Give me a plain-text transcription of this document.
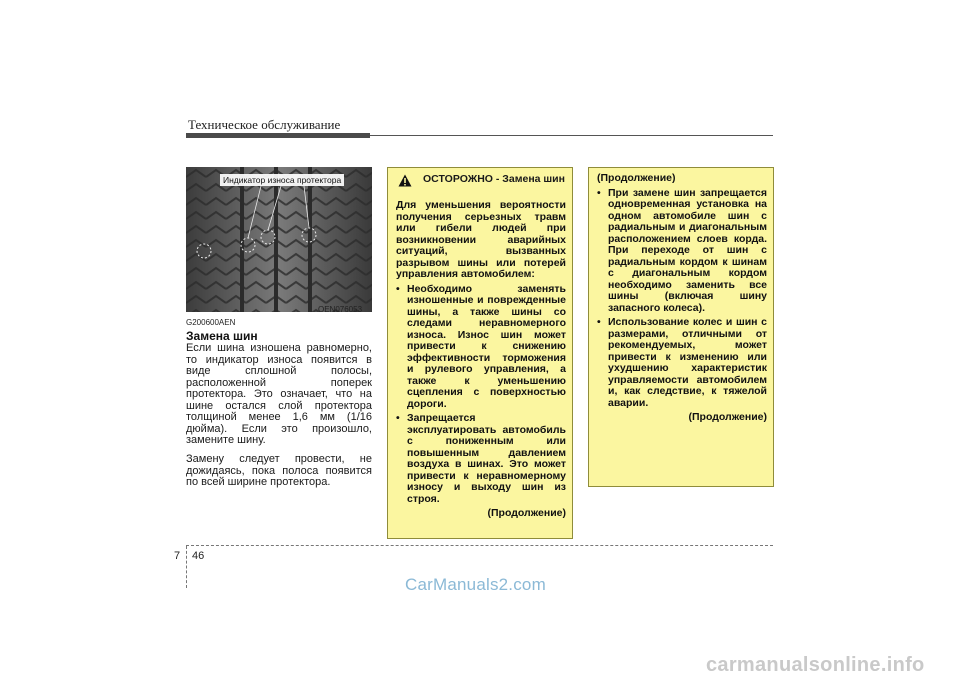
Техническое обслуживание
Индикатор износа протектора
OEN076053
G200600AEN
Замена шин
Если шина изношена равномерно, то индикатор износа появится в виде сплошной полосы, расположенной поперек протектора. Это означает, что на шине остался слой протектора толщиной менее 1,6 мм (1/16 дюйма). Если это произошло, замените шину.
Замену следует провести, не дожидаясь, пока полоса появится по всей ширине протектора.
ОСТОРОЖНО - Замена шин
Для уменьшения вероятности получения серьезных травм или гибели людей при возникновении аварийных ситуаций, вызванных разрывом шины или потерей управления автомобилем:
• Необходимо заменять изношенные и поврежденные шины, а также шины со следами неравномерного износа. Износ шин может привести к снижению эффективности торможения и рулевого управления, а также к уменьшению сцепления с поверхностью дороги.
• Запрещается эксплуатировать автомобиль с пониженным или повышенным давлением воздуха в шинах. Это может привести к неравномерному износу и выходу шин из строя.
(Продолжение)
(Продолжение)
• При замене шин запрещается одновременная установка на одном автомобиле шин с радиальным и диагональным расположением слоев корда. При переходе от шин с радиальным кордом к шинам с диагональным кордом необходимо заменить все шины (включая шину запасного колеса).
• Использование колес и шин с размерами, отличными от рекомендуемых, может привести к изменению или ухудшению характеристик управляемости автомобилем и, как следствие, к тяжелой аварии.
(Продолжение)
7 46
CarManuals2.com
carmanualsonline.info
